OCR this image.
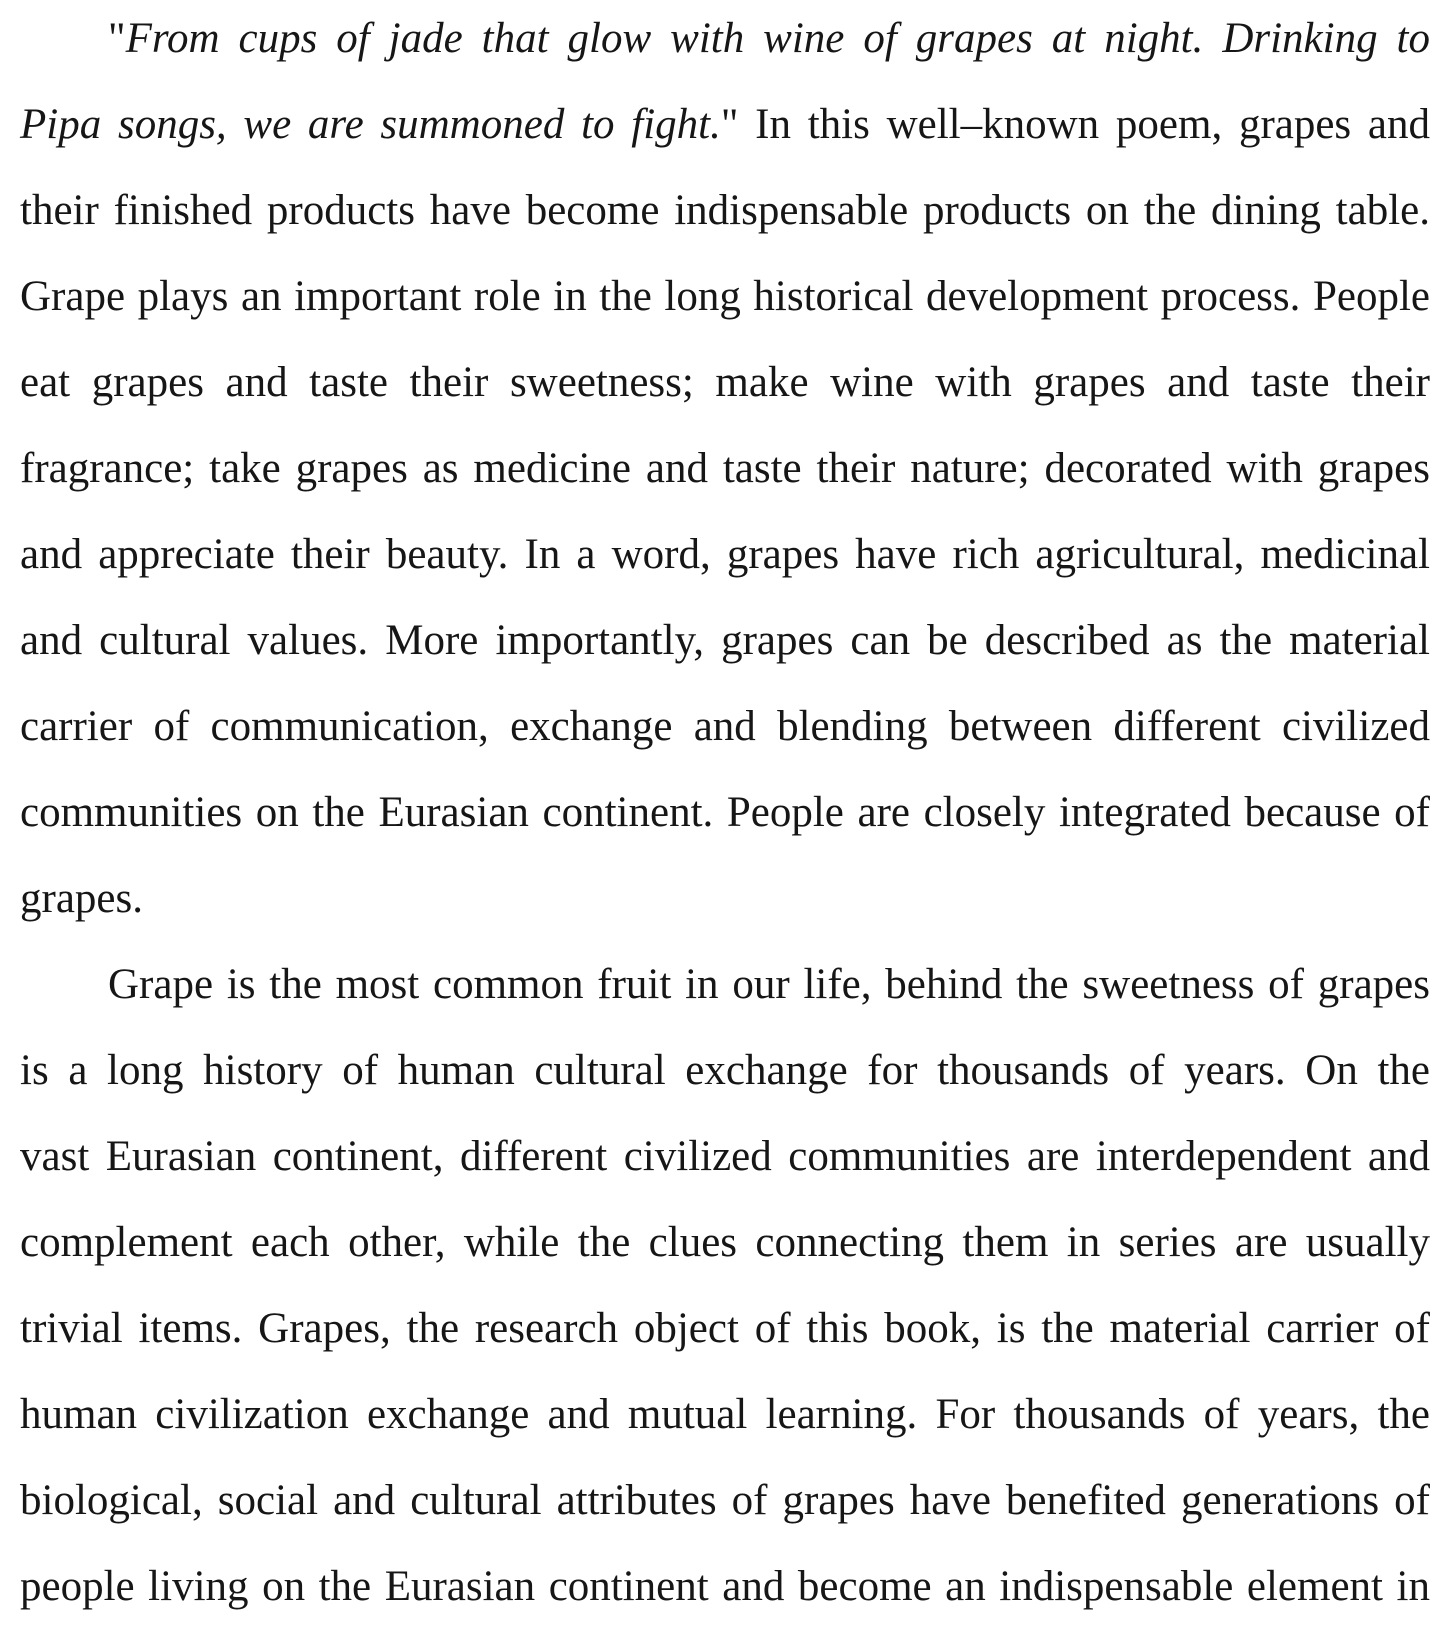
"From cups of jade that glow with wine of grapes at night. Drinking to
Pipa songs, we are summoned to fight." In this well–known poem, grapes and
their finished products have become indispensable products on the dining table.
Grape plays an important role in the long historical development process. People
eat grapes and taste their sweetness; make wine with grapes and taste their
fragrance; take grapes as medicine and taste their nature; decorated with grapes
and appreciate their beauty. In a word, grapes have rich agricultural, medicinal
and cultural values. More importantly, grapes can be described as the material
carrier of communication, exchange and blending between different civilized
communities on the Eurasian continent. People are closely integrated because of
grapes.
Grape is the most common fruit in our life, behind the sweetness of grapes
is a long history of human cultural exchange for thousands of years. On the
vast Eurasian continent, different civilized communities are interdependent and
complement each other, while the clues connecting them in series are usually
trivial items. Grapes, the research object of this book, is the material carrier of
human civilization exchange and mutual learning. For thousands of years, the
biological, social and cultural attributes of grapes have benefited generations of
people living on the Eurasian continent and become an indispensable element in
